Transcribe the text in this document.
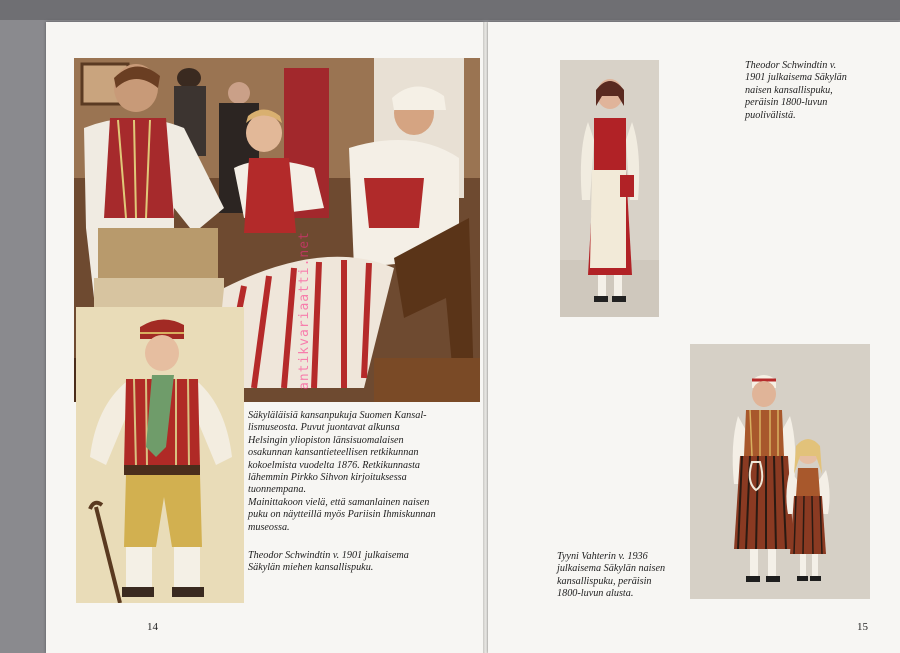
antikvariaatti.net

Säkyläläisiä kansanpukuja Suomen Kansal-

lismuseosta. Puvut juontavat alkunsa

Helsingin yliopiston länsisuomalaisen

osakunnan kansantieteellisen retkikunnan

kokoelmista vuodelta 1876. Retkikunnasta

lähemmin Pirkko Sihvon kirjoituksessa

tuonnempana.

Mainittakoon vielä, että samanlainen naisen

puku on näytteillä myös Pariisin Ihmiskunnan

museossa.

Theodor Schwindtin v. 1901 julkaisema

Säkylän miehen kansallispuku.

14

Theodor Schwindtin v.

1901 julkaisema Säkylän

naisen kansallispuku,

peräisin 1800-luvun

puolivälistä.

Tyyni Vahterin v. 1936

julkaisema Säkylän naisen

kansallispuku, peräisin

1800-luvun alusta.

15
